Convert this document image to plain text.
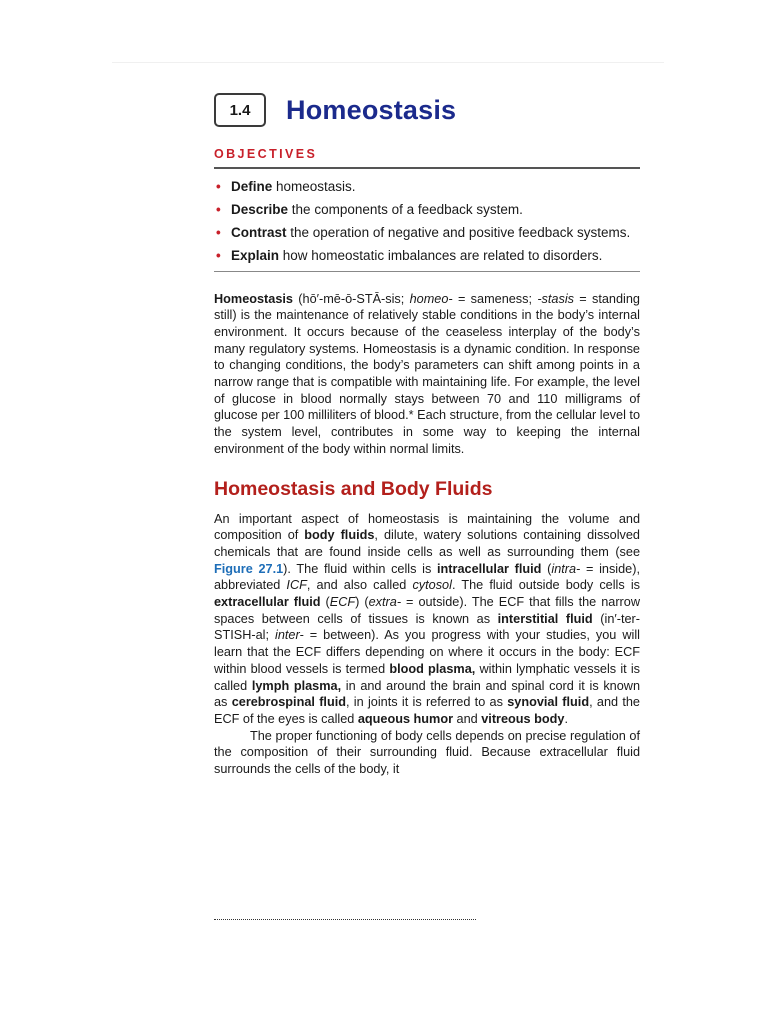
1.4	Homeostasis
OBJECTIVES
• Define homeostasis.
• Describe the components of a feedback system.
• Contrast the operation of negative and positive feedback systems.
• Explain how homeostatic imbalances are related to disorders.

Homeostasis (hō′-mē-ō-STĀ-sis; homeo- = sameness; -stasis = standing still) is the maintenance of relatively stable conditions in the body’s internal environment. It occurs because of the ceaseless interplay of the body’s many regulatory systems. Homeostasis is a dynamic condition. In response to changing conditions, the body’s parameters can shift among points in a narrow range that is compatible with maintaining life. For example, the level of glucose in blood normally stays between 70 and 110 milligrams of glucose per 100 milliliters of blood.* Each structure, from the cellular level to the system level, contributes in some way to keeping the internal environment of the body within normal limits.

Homeostasis and Body Fluids

An important aspect of homeostasis is maintaining the volume and composition of body fluids, dilute, watery solutions containing dissolved chemicals that are found inside cells as well as surrounding them (see Figure 27.1). The fluid within cells is intracellular fluid (intra- = inside), abbreviated ICF, and also called cytosol. The fluid outside body cells is extracellular fluid (ECF) (extra- = outside). The ECF that fills the narrow spaces between cells of tissues is known as interstitial fluid (in′-ter-STISH-al; inter- = between). As you progress with your studies, you will learn that the ECF differs depending on where it occurs in the body: ECF within blood vessels is termed blood plasma, within lymphatic vessels it is called lymph plasma, in and around the brain and spinal cord it is known as cerebrospinal fluid, in joints it is referred to as synovial fluid, and the ECF of the eyes is called aqueous humor and vitreous body.

The proper functioning of body cells depends on precise regulation of the composition of their surrounding fluid. Because extracellular fluid surrounds the cells of the body, it
